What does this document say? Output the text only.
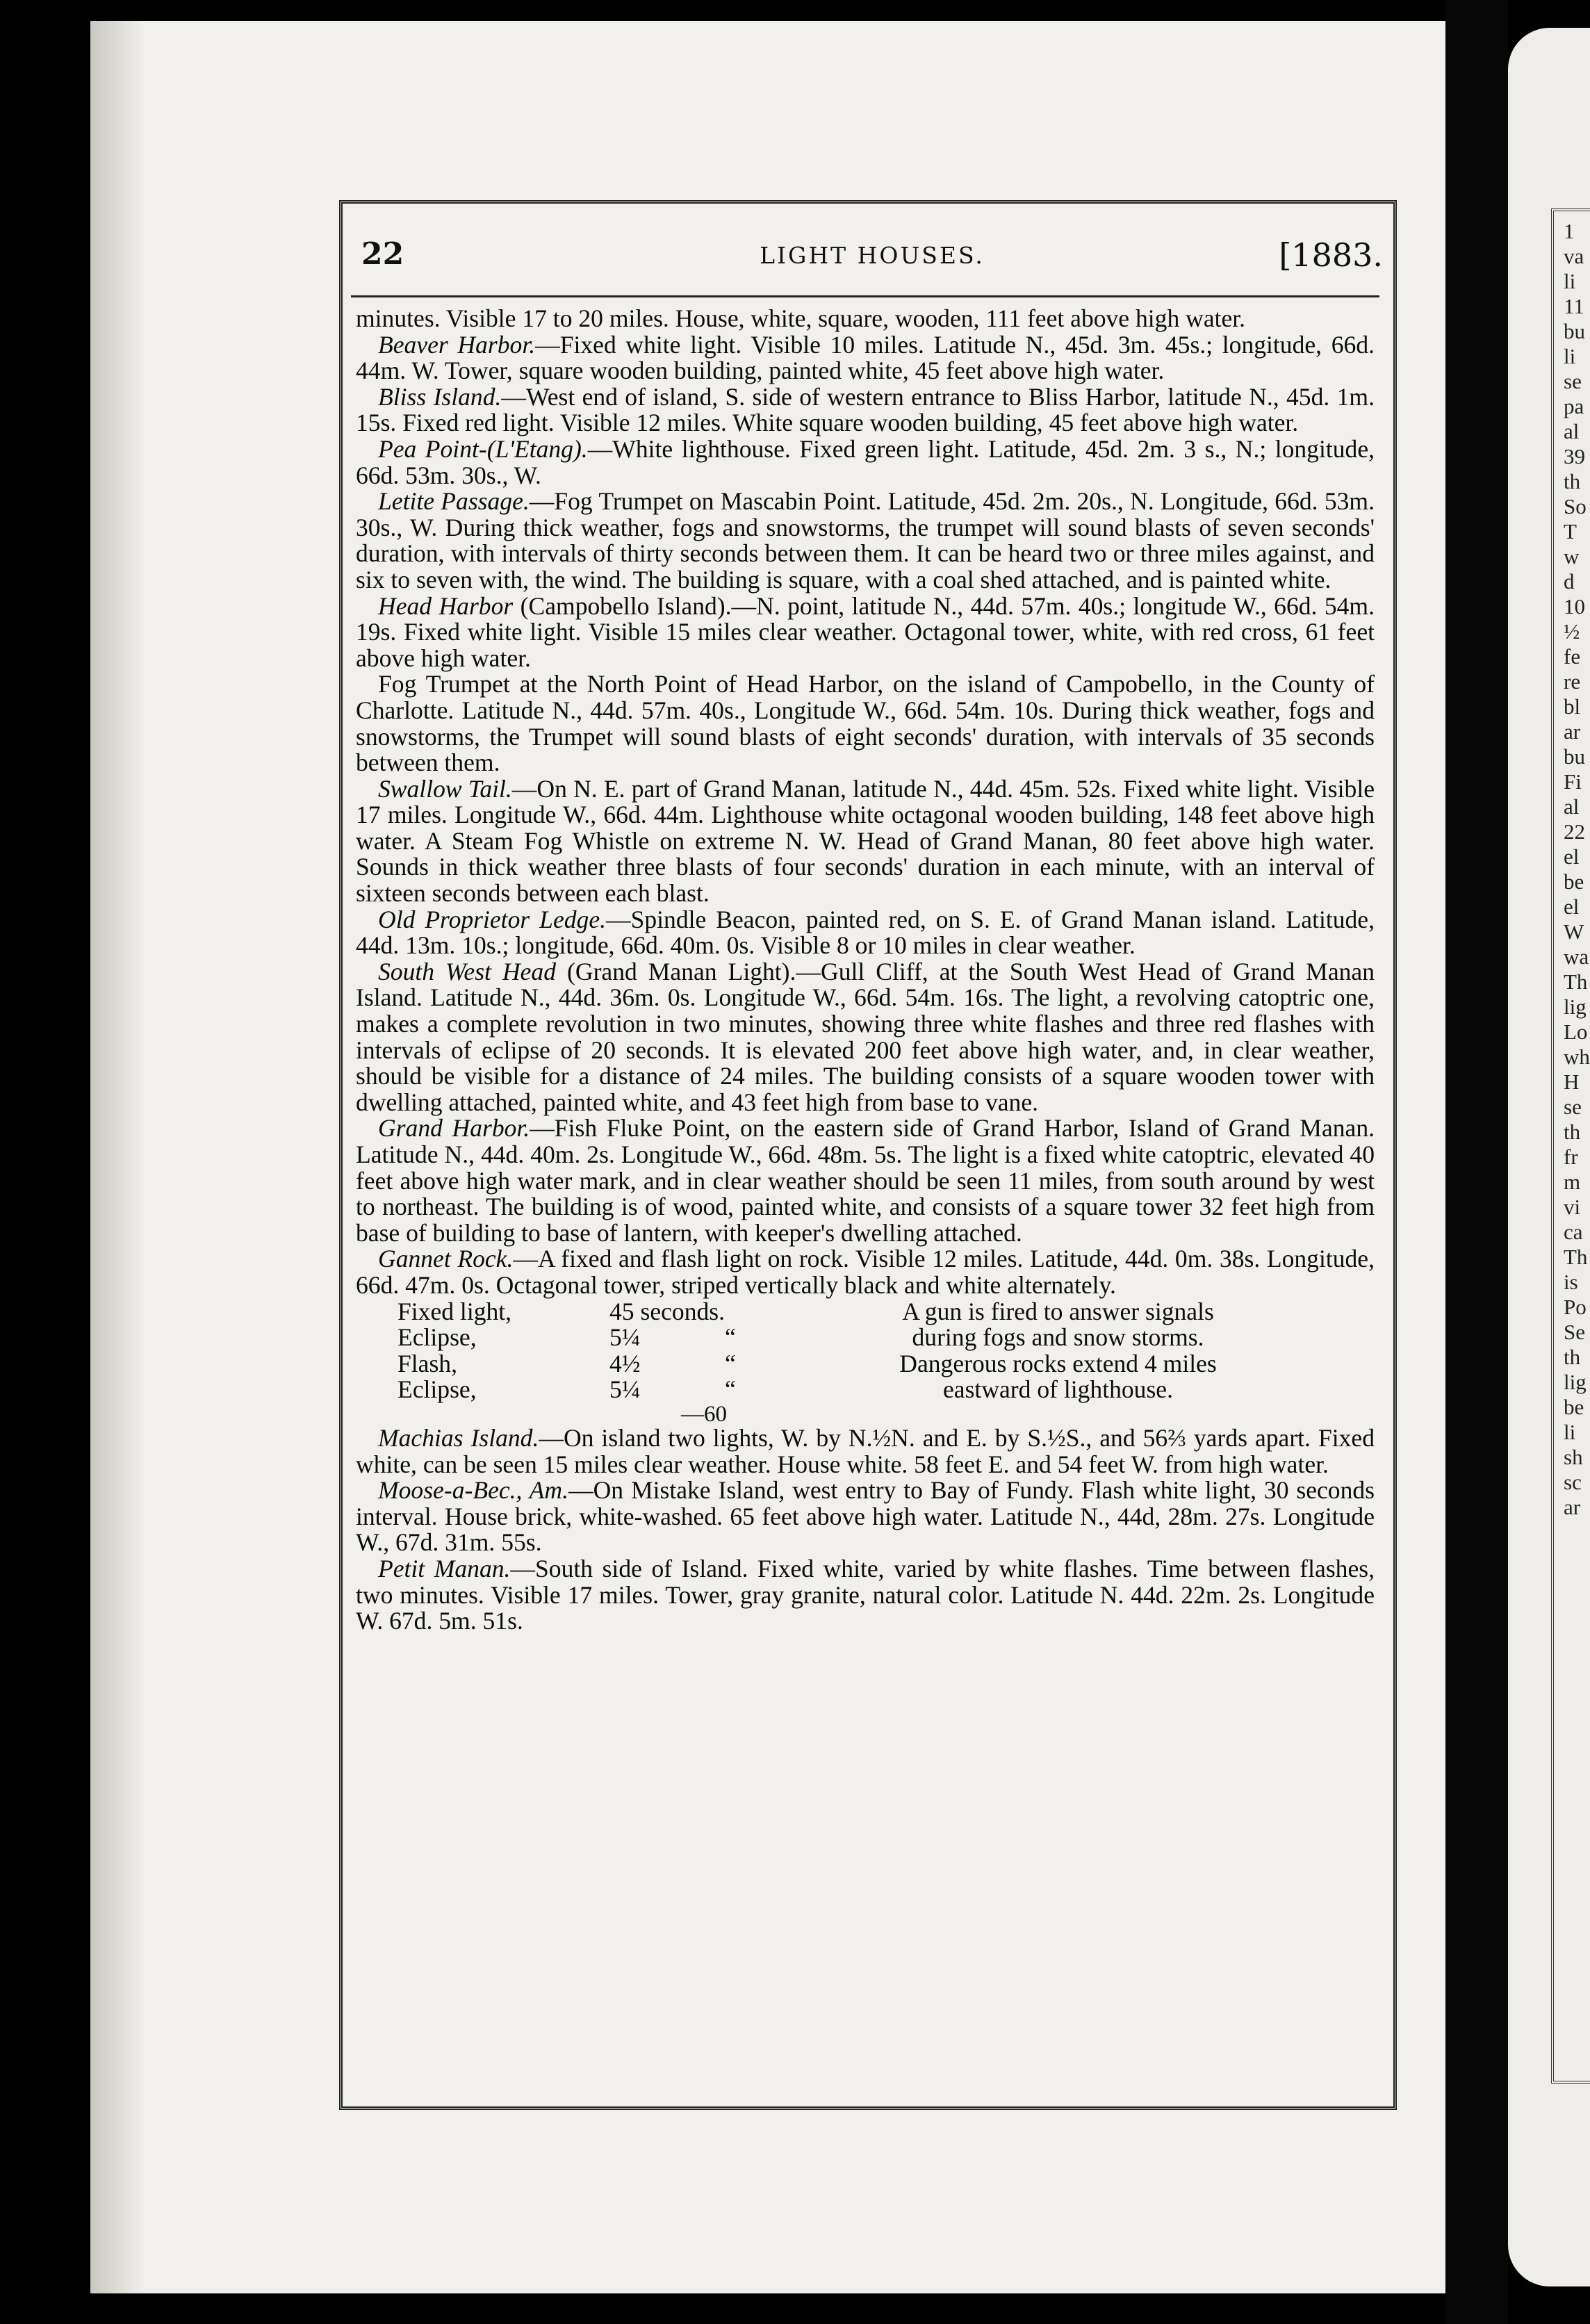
1
va
li
11
bu
li
se
pa
al
39
th
So
T
w
d
10
½
fe
re
bl
ar
bu
Fi
al
22
el
be
el
W
wa
Th
lig
Lo
wh
H
se
th
fr
m
vi
ca
Th
is
Po
Se
th
lig
be
li
sh
sc
ar
22	LIGHT HOUSES.	[1883.

minutes. Visible 17 to 20 miles. House, white, square, wooden, 111 feet above high water.

Beaver Harbor.—Fixed white light. Visible 10 miles. Latitude N., 45d. 3m. 45s.; longitude, 66d. 44m. W. Tower, square wooden building, painted white, 45 feet above high water.

Bliss Island.—West end of island, S. side of western entrance to Bliss Harbor, latitude N., 45d. 1m. 15s. Fixed red light. Visible 12 miles. White square wooden building, 45 feet above high water.

Pea Point-(L'Etang).—White lighthouse. Fixed green light. Latitude, 45d. 2m. 3 s., N.; longitude, 66d. 53m. 30s., W.

Letite Passage.—Fog Trumpet on Mascabin Point. Latitude, 45d. 2m. 20s., N. Longitude, 66d. 53m. 30s., W. During thick weather, fogs and snowstorms, the trumpet will sound blasts of seven seconds' duration, with intervals of thirty seconds between them. It can be heard two or three miles against, and six to seven with, the wind. The building is square, with a coal shed attached, and is painted white.

Head Harbor (Campobello Island).—N. point, latitude N., 44d. 57m. 40s.; longitude W., 66d. 54m. 19s. Fixed white light. Visible 15 miles clear weather. Octagonal tower, white, with red cross, 61 feet above high water.

Fog Trumpet at the North Point of Head Harbor, on the island of Campobello, in the County of Charlotte. Latitude N., 44d. 57m. 40s., Longitude W., 66d. 54m. 10s. During thick weather, fogs and snowstorms, the Trumpet will sound blasts of eight seconds' duration, with intervals of 35 seconds between them.

Swallow Tail.—On N. E. part of Grand Manan, latitude N., 44d. 45m. 52s. Fixed white light. Visible 17 miles. Longitude W., 66d. 44m. Lighthouse white octagonal wooden building, 148 feet above high water. A Steam Fog Whistle on extreme N. W. Head of Grand Manan, 80 feet above high water. Sounds in thick weather three blasts of four seconds' duration in each minute, with an interval of sixteen seconds between each blast.

Old Proprietor Ledge.—Spindle Beacon, painted red, on S. E. of Grand Manan island. Latitude, 44d. 13m. 10s.; longitude, 66d. 40m. 0s. Visible 8 or 10 miles in clear weather.

South West Head (Grand Manan Light).—Gull Cliff, at the South West Head of Grand Manan Island. Latitude N., 44d. 36m. 0s. Longitude W., 66d. 54m. 16s. The light, a revolving catoptric one, makes a complete revolution in two minutes, showing three white flashes and three red flashes with intervals of eclipse of 20 seconds. It is elevated 200 feet above high water, and, in clear weather, should be visible for a distance of 24 miles. The building consists of a square wooden tower with dwelling attached, painted white, and 43 feet high from base to vane.

Grand Harbor.—Fish Fluke Point, on the eastern side of Grand Harbor, Island of Grand Manan. Latitude N., 44d. 40m. 2s. Longitude W., 66d. 48m. 5s. The light is a fixed white catoptric, elevated 40 feet above high water mark, and in clear weather should be seen 11 miles, from south around by west to northeast. The building is of wood, painted white, and consists of a square tower 32 feet high from base of building to base of lantern, with keeper's dwelling attached.

Gannet Rock.—A fixed and flash light on rock. Visible 12 miles. Latitude, 44d. 0m. 38s. Longitude, 66d. 47m. 0s. Octagonal tower, striped vertically black and white alternately.

Fixed light,	45 seconds.		A gun is fired to answer signals
Eclipse,	5¼	“	during fogs and snow storms.
Flash,	4½	“	Dangerous rocks extend 4 miles
Eclipse,	5¼	“	eastward of lighthouse.
—60

Machias Island.—On island two lights, W. by N.½N. and E. by S.½S., and 56⅔ yards apart. Fixed white, can be seen 15 miles clear weather. House white. 58 feet E. and 54 feet W. from high water.

Moose-a-Bec., Am.—On Mistake Island, west entry to Bay of Fundy. Flash white light, 30 seconds interval. House brick, white-washed. 65 feet above high water. Latitude N., 44d, 28m. 27s. Longitude W., 67d. 31m. 55s.

Petit Manan.—South side of Island. Fixed white, varied by white flashes. Time between flashes, two minutes. Visible 17 miles. Tower, gray granite, natural color. Latitude N. 44d. 22m. 2s. Longitude W. 67d. 5m. 51s.
